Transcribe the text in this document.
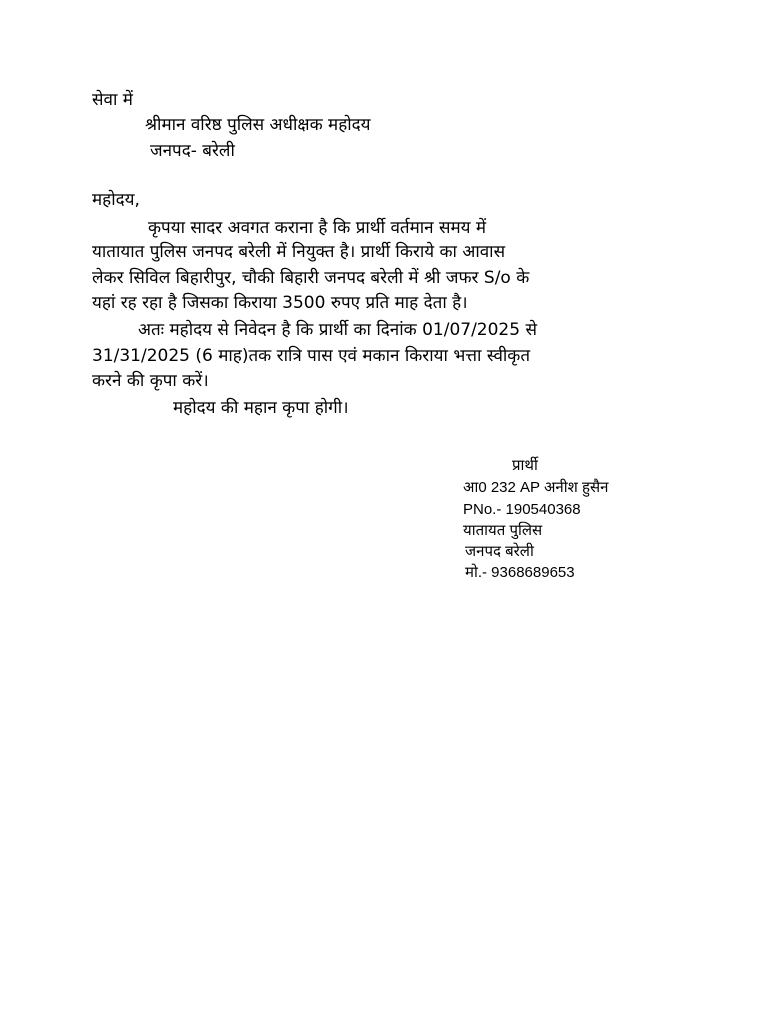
सेवा में
श्रीमान वरिष्ठ पुलिस अधीक्षक महोदय
जनपद- बरेली
महोदय,
कृपया सादर अवगत कराना है कि प्रार्थी वर्तमान समय में
यातायात पुलिस जनपद बरेली में नियुक्त है। प्रार्थी किराये का आवास
लेकर सिविल बिहारीपुर, चौकी बिहारी जनपद बरेली में श्री जफर S/o के
यहां रह रहा है जिसका किराया 3500 रुपए प्रति माह देता है।
अतः महोदय से निवेदन है कि प्रार्थी का दिनांक 01/07/2025 से
31/31/2025 (6 माह)तक रात्रि पास एवं मकान किराया भत्ता स्वीकृत
करने की कृपा करें।
महोदय की महान कृपा होगी।
प्रार्थी
आ0 232 AP अनीश हुसैन
PNo.- 190540368
यातायत पुलिस
जनपद बरेली
मो.- 9368689653
